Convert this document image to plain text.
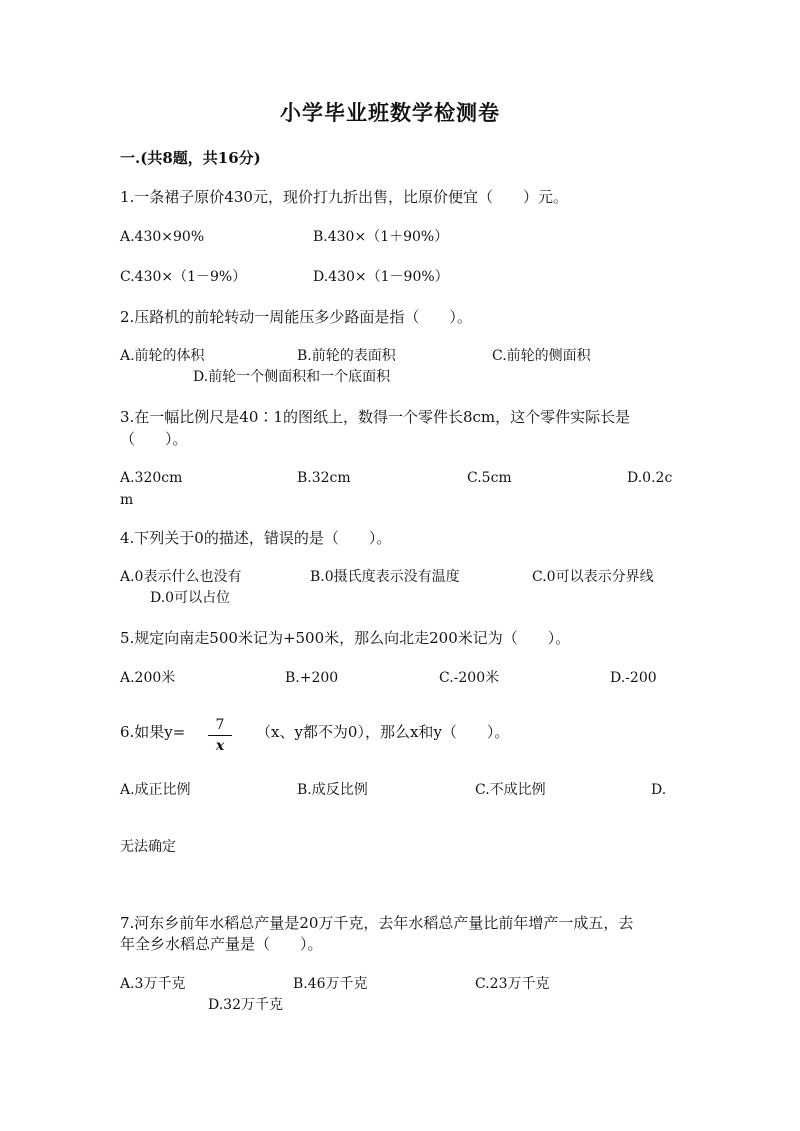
小学毕业班数学检测卷
一.(共8题，共16分)
1.一条裙子原价430元，现价打九折出售，比原价便宜（　　）元。
A.430×90%	B.430×（1＋90%）
C.430×（1－9%）	D.430×（1－90%）
2.压路机的前轮转动一周能压多少路面是指（　　）。
A.前轮的体积	B.前轮的表面积	C.前轮的侧面积
D.前轮一个侧面积和一个底面积
3.在一幅比例尺是40∶1的图纸上，数得一个零件长8cm，这个零件实际长是
（　　）。
A.320cm	B.32cm	C.5cm	D.0.2c
m
4.下列关于0的描述，错误的是（　　）。
A.0表示什么也没有	B.0摄氏度表示没有温度	C.0可以表示分界线
D.0可以占位
5.规定向南走500米记为+500米，那么向北走200米记为（　　）。
A.200米	B.+200	C.-200米	D.-200
6.如果y=	7
x
（x、y都不为0），那么x和y（　　）。
A.成正比例	B.成反比例	C.不成比例	D.
无法确定
7.河东乡前年水稻总产量是20万千克，去年水稻总产量比前年增产一成五，去
年全乡水稻总产量是（　　）。
A.3万千克	B.46万千克	C.23万千克
D.32万千克
